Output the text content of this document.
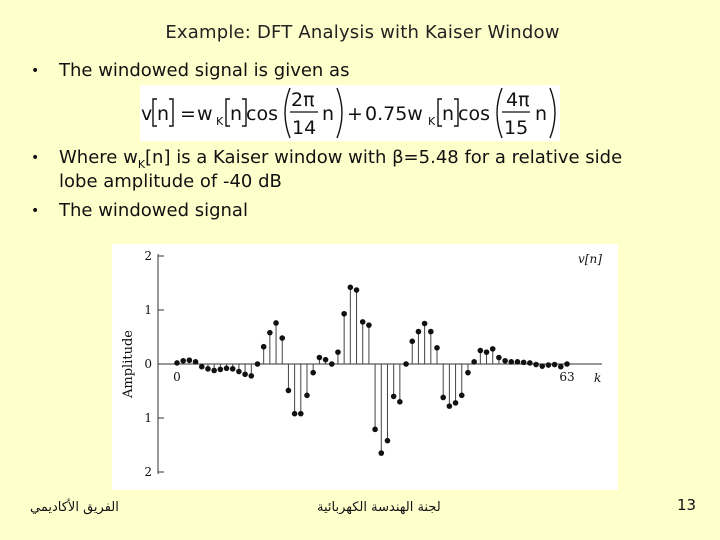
Example: DFT Analysis with Kaiser Window
• The windowed signal is given as
v n = w K n cos
2π
14
n + 0.75w K n cos
4π
15
n
• Where $w_K[n]$ is a Kaiser window with β=5.48 for a relative side
lobe amplitude of -40 dB
• The windowed signal
2
1
0
1
2
v[n]
k
Amplitude	0	63
الفريق الأكاديمي	لجنة الهندسة الكهربائية	13
